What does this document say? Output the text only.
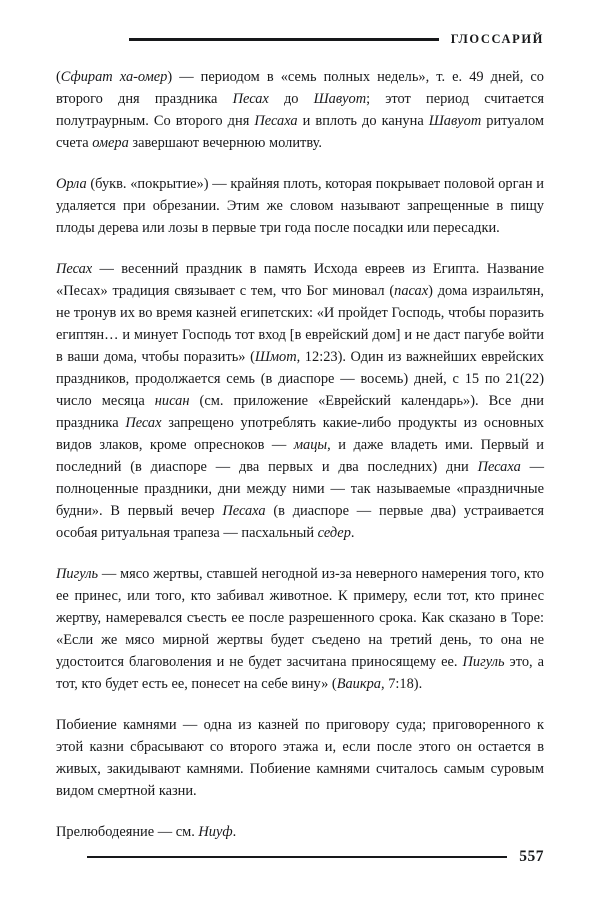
ГЛОССАРИЙ

(Сфират ха-омер) — периодом в «семь полных недель», т. е. 49 дней, со второго дня праздника Песах до Шавуот; этот период считается полутраурным. Со второго дня Песаха и вплоть до кануна Шавуот ритуалом счета омера завершают вечернюю молитву.

Орла (букв. «покрытие») — крайняя плоть, которая покрывает половой орган и удаляется при обрезании. Этим же словом называют запрещенные в пищу плоды дерева или лозы в первые три года после посадки или пересадки.

Песах — весенний праздник в память Исхода евреев из Египта. Название «Песах» традиция связывает с тем, что Бог миновал (пасах) дома израильтян, не тронув их во время казней египетских: «И пройдет Господь, чтобы поразить египтян… и минует Господь тот вход [в еврейский дом] и не даст пагубе войти в ваши дома, чтобы поразить» (Шмот, 12:23). Один из важнейших еврейских праздников, продолжается семь (в диаспоре — восемь) дней, с 15 по 21(22) число месяца нисан (см. приложение «Еврейский календарь»). Все дни праздника Песах запрещено употреблять какие-либо продукты из основных видов злаков, кроме опресноков — мацы, и даже владеть ими. Первый и последний (в диаспоре — два первых и два последних) дни Песаха — полноценные праздники, дни между ними — так называемые «праздничные будни». В первый вечер Песаха (в диаспоре — первые два) устраивается особая ритуальная трапеза — пасхальный седер.

Пигуль — мясо жертвы, ставшей негодной из-за неверного намерения того, кто ее принес, или того, кто забивал животное. К примеру, если тот, кто принес жертву, намеревался съесть ее после разрешенного срока. Как сказано в Торе: «Если же мясо мирной жертвы будет съедено на третий день, то она не удостоится благоволения и не будет засчитана приносящему ее. Пигуль это, а тот, кто будет есть ее, понесет на себе вину» (Ваикра, 7:18).

Побиение камнями — одна из казней по приговору суда; приговоренного к этой казни сбрасывают со второго этажа и, если после этого он остается в живых, закидывают камнями. Побиение камнями считалось самым суровым видом смертной казни.

Прелюбодеяние — см. Ниуф.

557
